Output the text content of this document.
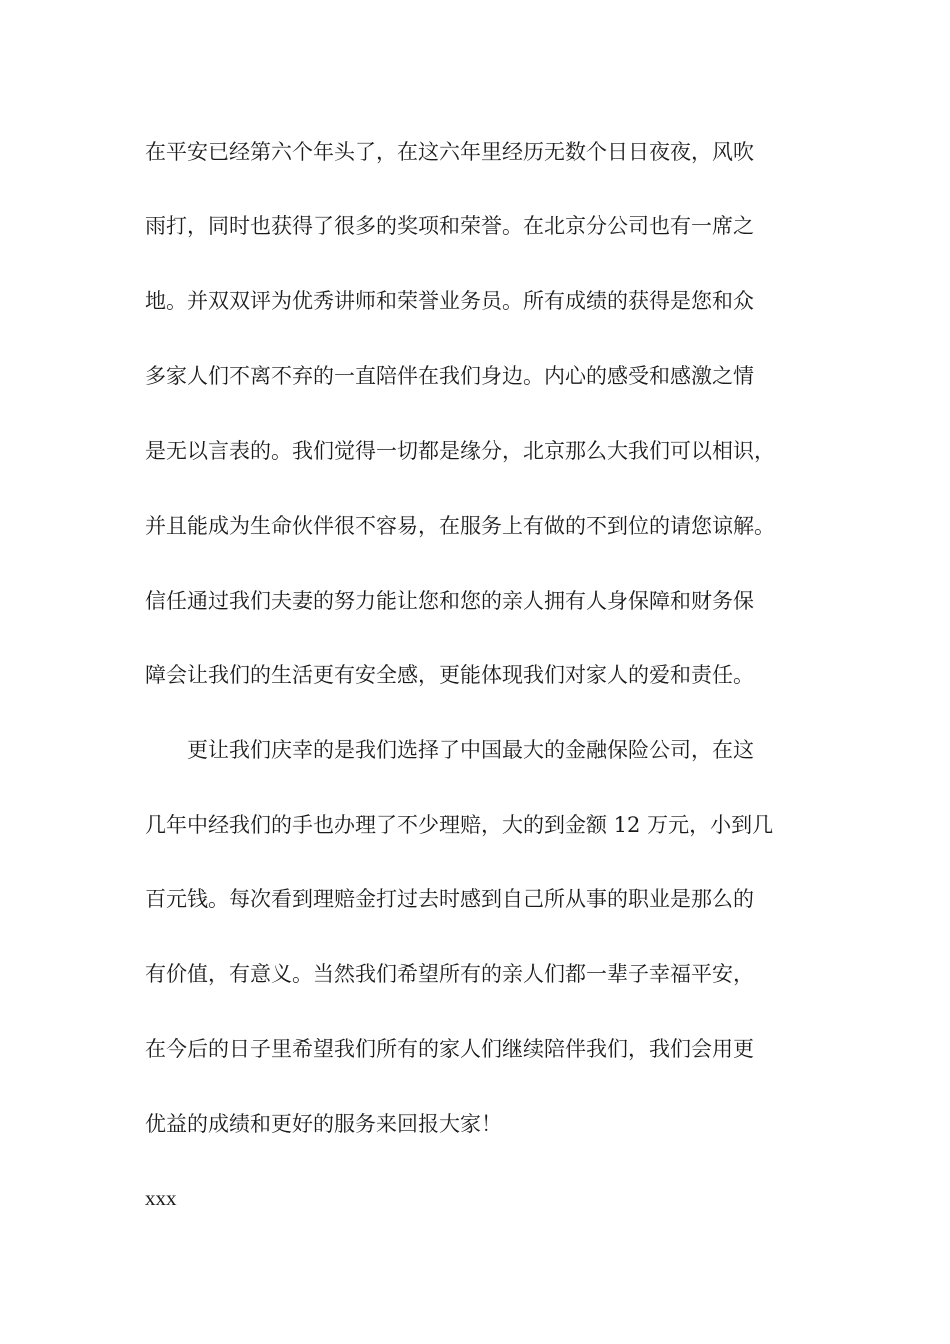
在平安已经第六个年头了，在这六年里经历无数个日日夜夜，风吹

雨打，同时也获得了很多的奖项和荣誉。在北京分公司也有一席之

地。并双双评为优秀讲师和荣誉业务员。所有成绩的获得是您和众

多家人们不离不弃的一直陪伴在我们身边。内心的感受和感激之情

是无以言表的。我们觉得一切都是缘分，北京那么大我们可以相识，

并且能成为生命伙伴很不容易，在服务上有做的不到位的请您谅解。

信任通过我们夫妻的努力能让您和您的亲人拥有人身保障和财务保

障会让我们的生活更有安全感，更能体现我们对家人的爱和责任。

更让我们庆幸的是我们选择了中国最大的金融保险公司，在这

几年中经我们的手也办理了不少理赔，大的到金额 12 万元，小到几

百元钱。每次看到理赔金打过去时感到自己所从事的职业是那么的

有价值，有意义。当然我们希望所有的亲人们都一辈子幸福平安，

在今后的日子里希望我们所有的家人们继续陪伴我们，我们会用更

优益的成绩和更好的服务来回报大家！

xxx
